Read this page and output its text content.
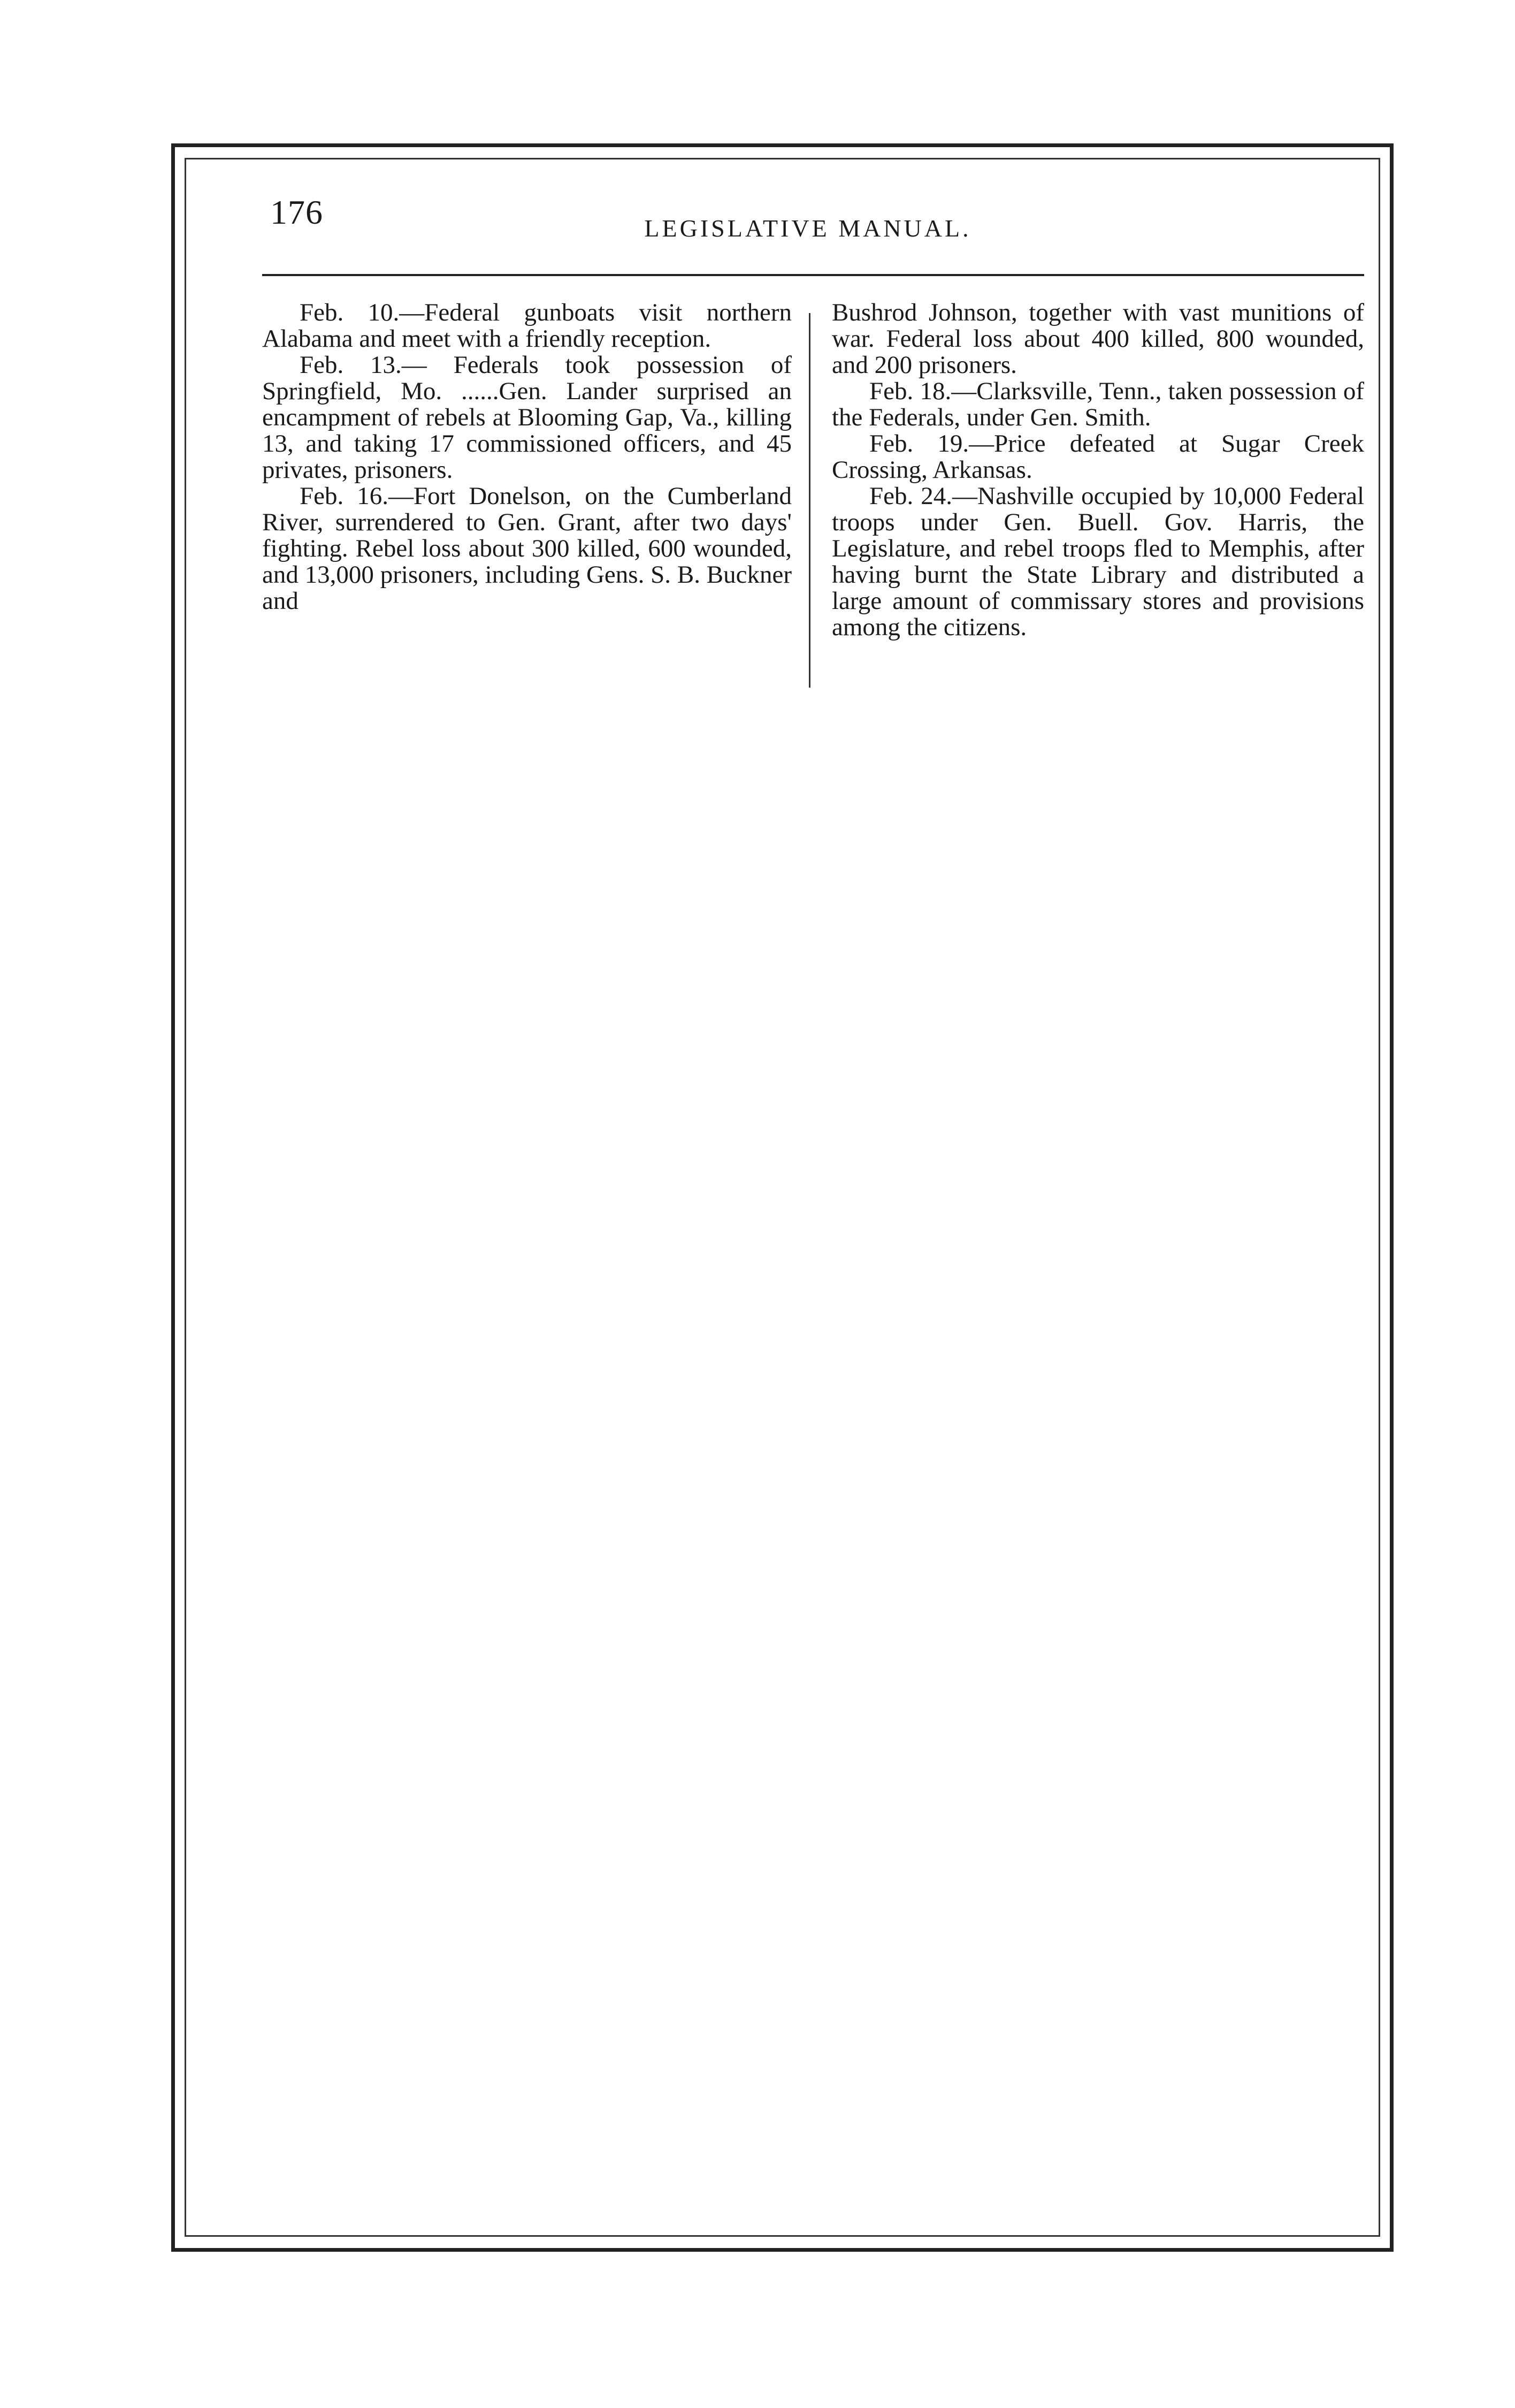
176	LEGISLATIVE MANUAL.

Feb. 10.—Federal gunboats visit northern Alabama and meet with a friendly reception.

Feb. 13.— Federals took possession of Springfield, Mo. ......Gen. Lander surprised an encampment of rebels at Blooming Gap, Va., killing 13, and taking 17 commissioned officers, and 45 privates, prisoners.

Feb. 16.—Fort Donelson, on the Cumberland River, surrendered to Gen. Grant, after two days' fighting. Rebel loss about 300 killed, 600 wounded, and 13,000 prisoners, including Gens. S. B. Buckner and

Bushrod Johnson, together with vast munitions of war. Federal loss about 400 killed, 800 wounded, and 200 prisoners.

Feb. 18.—Clarksville, Tenn., taken possession of the Federals, under Gen. Smith.

Feb. 19.—Price defeated at Sugar Creek Crossing, Arkansas.

Feb. 24.—Nashville occupied by 10,000 Federal troops under Gen. Buell. Gov. Harris, the Legislature, and rebel troops fled to Memphis, after having burnt the State Library and distributed a large amount of commissary stores and provisions among the citizens.
